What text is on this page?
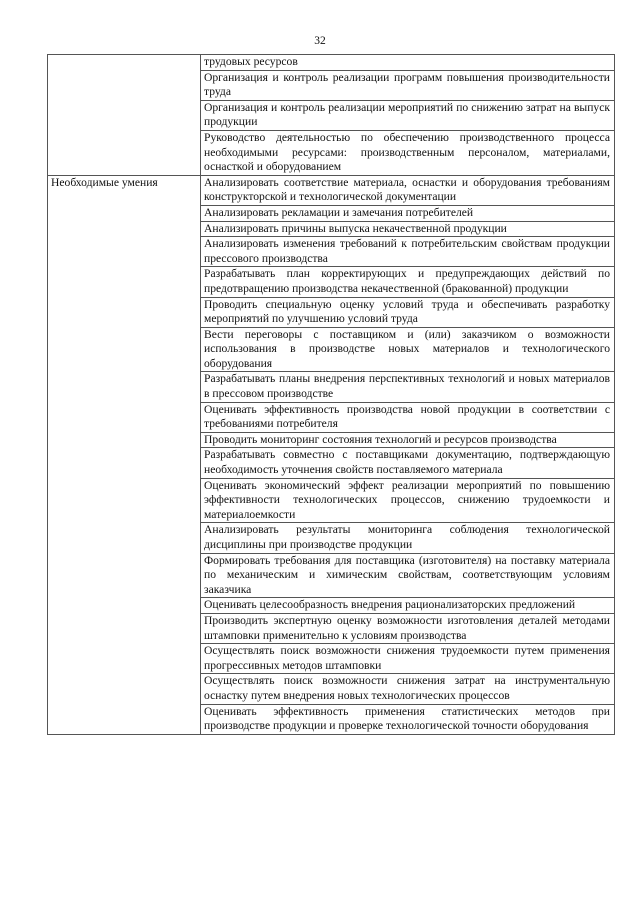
32
	трудовых ресурсов
	Организация и контроль реализации программ повышения производительности труда
	Организация и контроль реализации мероприятий по снижению затрат на выпуск продукции
	Руководство деятельностью по обеспечению производственного процесса необходимыми ресурсами: производственным персоналом, материалами, оснасткой и оборудованием

Необходимые умения	Анализировать соответствие материала, оснастки и оборудования требованиям конструкторской и технологической документации
	Анализировать рекламации и замечания потребителей
	Анализировать причины выпуска некачественной продукции
	Анализировать изменения требований к потребительским свойствам продукции прессового производства
	Разрабатывать план корректирующих и предупреждающих действий по предотвращению производства некачественной (бракованной) продукции
	Проводить специальную оценку условий труда и обеспечивать разработку мероприятий по улучшению условий труда
	Вести переговоры с поставщиком и (или) заказчиком о возможности использования в производстве новых материалов и технологического оборудования
	Разрабатывать планы внедрения перспективных технологий и новых материалов в прессовом производстве
	Оценивать эффективность производства новой продукции в соответствии с требованиями потребителя
	Проводить мониторинг состояния технологий и ресурсов производства
	Разрабатывать совместно с поставщиками документацию, подтверждающую необходимость уточнения свойств поставляемого материала
	Оценивать экономический эффект реализации мероприятий по повышению эффективности технологических процессов, снижению трудоемкости и материалоемкости
	Анализировать результаты мониторинга соблюдения технологической дисциплины при производстве продукции
	Формировать требования для поставщика (изготовителя) на поставку материала по механическим и химическим свойствам, соответствующим условиям заказчика
	Оценивать целесообразность внедрения рационализаторских предложений
	Производить экспертную оценку возможности изготовления деталей методами штамповки применительно к условиям производства
	Осуществлять поиск возможности снижения трудоемкости путем применения прогрессивных методов штамповки
	Осуществлять поиск возможности снижения затрат на инструментальную оснастку путем внедрения новых технологических процессов
	Оценивать эффективность применения статистических методов при производстве продукции и проверке технологической точности оборудования
